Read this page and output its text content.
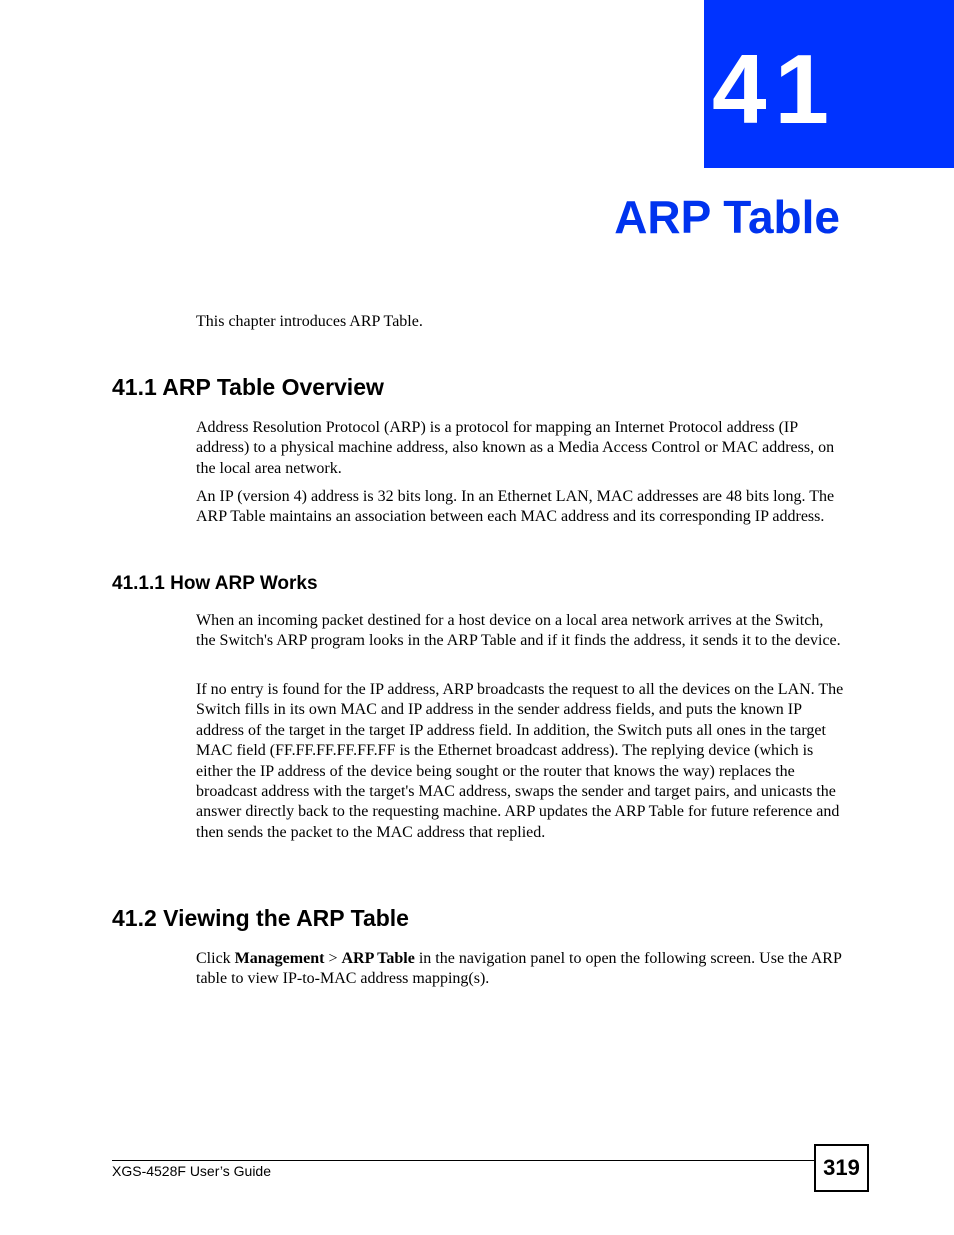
41
ARP Table

This chapter introduces ARP Table.

41.1 ARP Table Overview

Address Resolution Protocol (ARP) is a protocol for mapping an Internet Protocol address (IP address) to a physical machine address, also known as a Media Access Control or MAC address, on the local area network.

An IP (version 4) address is 32 bits long. In an Ethernet LAN, MAC addresses are 48 bits long. The ARP Table maintains an association between each MAC address and its corresponding IP address.

41.1.1 How ARP Works

When an incoming packet destined for a host device on a local area network arrives at the Switch, the Switch's ARP program looks in the ARP Table and if it finds the address, it sends it to the device.

If no entry is found for the IP address, ARP broadcasts the request to all the devices on the LAN. The Switch fills in its own MAC and IP address in the sender address fields, and puts the known IP address of the target in the target IP address field. In addition, the Switch puts all ones in the target MAC field (FF.FF.FF.FF.FF.FF is the Ethernet broadcast address). The replying device (which is either the IP address of the device being sought or the router that knows the way) replaces the broadcast address with the target's MAC address, swaps the sender and target pairs, and unicasts the answer directly back to the requesting machine. ARP updates the ARP Table for future reference and then sends the packet to the MAC address that replied.

41.2 Viewing the ARP Table

Click Management > ARP Table in the navigation panel to open the following screen. Use the ARP table to view IP-to-MAC address mapping(s).

XGS-4528F User’s Guide	319
